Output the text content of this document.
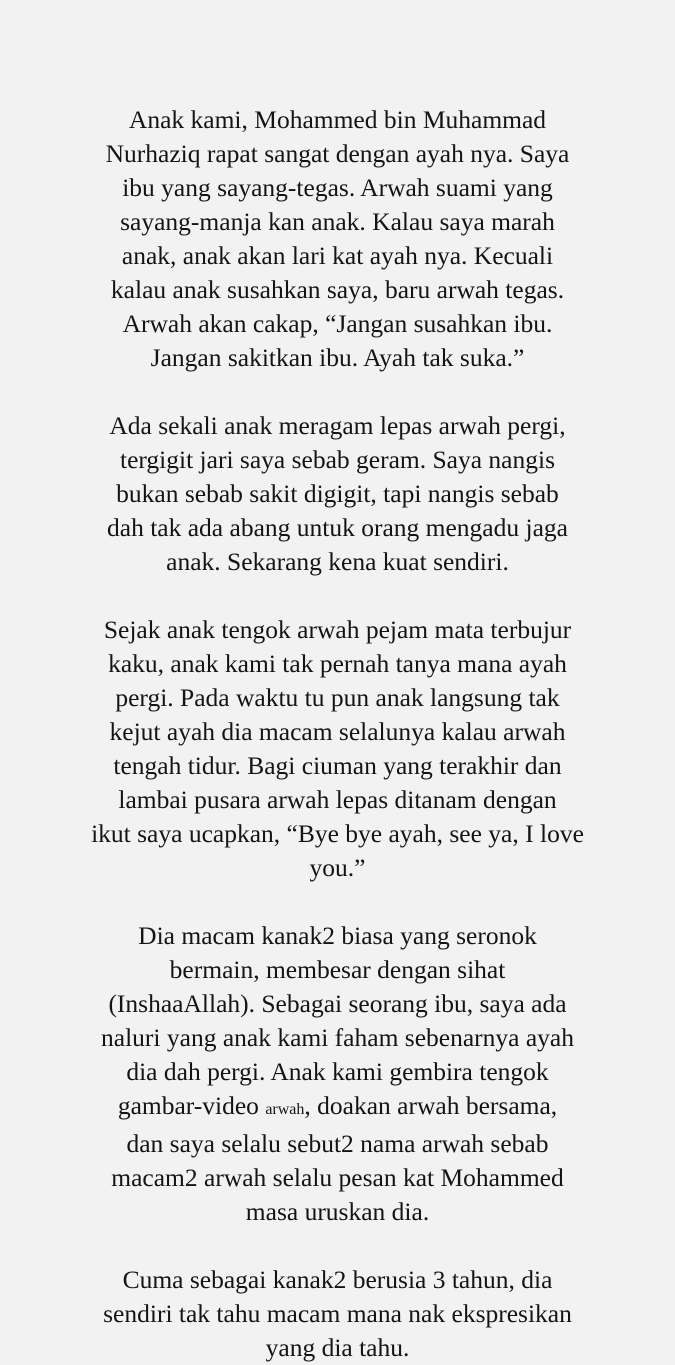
Anak kami, Mohammed bin Muhammad
Nurhaziq rapat sangat dengan ayah nya. Saya
ibu yang sayang-tegas. Arwah suami yang
sayang-manja kan anak. Kalau saya marah
anak, anak akan lari kat ayah nya. Kecuali
kalau anak susahkan saya, baru arwah tegas.
Arwah akan cakap, “Jangan susahkan ibu.
Jangan sakitkan ibu. Ayah tak suka.”

Ada sekali anak meragam lepas arwah pergi,
tergigit jari saya sebab geram. Saya nangis
bukan sebab sakit digigit, tapi nangis sebab
dah tak ada abang untuk orang mengadu jaga
anak. Sekarang kena kuat sendiri.

Sejak anak tengok arwah pejam mata terbujur
kaku, anak kami tak pernah tanya mana ayah
pergi. Pada waktu tu pun anak langsung tak
kejut ayah dia macam selalunya kalau arwah
tengah tidur. Bagi ciuman yang terakhir dan
lambai pusara arwah lepas ditanam dengan
ikut saya ucapkan, “Bye bye ayah, see ya, I love
you.”

Dia macam kanak2 biasa yang seronok
bermain, membesar dengan sihat
(InshaaAllah). Sebagai seorang ibu, saya ada
naluri yang anak kami faham sebenarnya ayah
dia dah pergi. Anak kami gembira tengok
gambar-video arwah, doakan arwah bersama,
dan saya selalu sebut2 nama arwah sebab
macam2 arwah selalu pesan kat Mohammed
masa uruskan dia.

Cuma sebagai kanak2 berusia 3 tahun, dia
sendiri tak tahu macam mana nak ekspresikan
yang dia tahu.
